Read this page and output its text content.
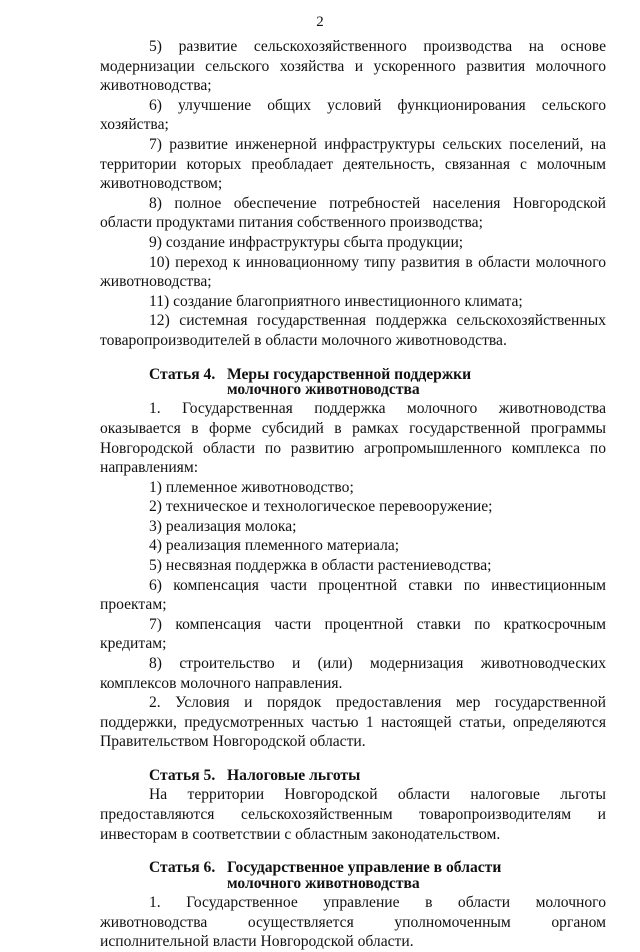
2

5) развитие сельскохозяйственного производства на основе модернизации сельского хозяйства и ускоренного развития молочного животноводства;

6) улучшение общих условий функционирования сельского хозяйства;

7) развитие инженерной инфраструктуры сельских поселений, на территории которых преобладает деятельность, связанная с молочным животноводством;

8) полное обеспечение потребностей населения Новгородской области продуктами питания собственного производства;

9) создание инфраструктуры сбыта продукции;

10) переход к инновационному типу развития в области молочного животноводства;

11) создание благоприятного инвестиционного климата;

12) системная государственная поддержка сельскохозяйственных товаропроизводителей в области молочного животноводства.

Статья 4. Меры государственной поддержки
молочного животноводства

1. Государственная поддержка молочного животноводства оказывается в форме субсидий в рамках государственной программы Новгородской области по развитию агропромышленного комплекса по направлениям:

1) племенное животноводство;

2) техническое и технологическое перевооружение;

3) реализация молока;

4) реализация племенного материала;

5) несвязная поддержка в области растениеводства;

6) компенсация части процентной ставки по инвестиционным проектам;

7) компенсация части процентной ставки по краткосрочным кредитам;

8) строительство и (или) модернизация животноводческих комплексов молочного направления.

2. Условия и порядок предоставления мер государственной поддержки, предусмотренных частью 1 настоящей статьи, определяются Правительством Новгородской области.

Статья 5. Налоговые льготы

На территории Новгородской области налоговые льготы предоставляются сельскохозяйственным товаропроизводителям и инвесторам в соответствии с областным законодательством.

Статья 6. Государственное управление в области
молочного животноводства

1. Государственное управление в области молочного животноводства осуществляется уполномоченным органом исполнительной власти Новгородской области.
